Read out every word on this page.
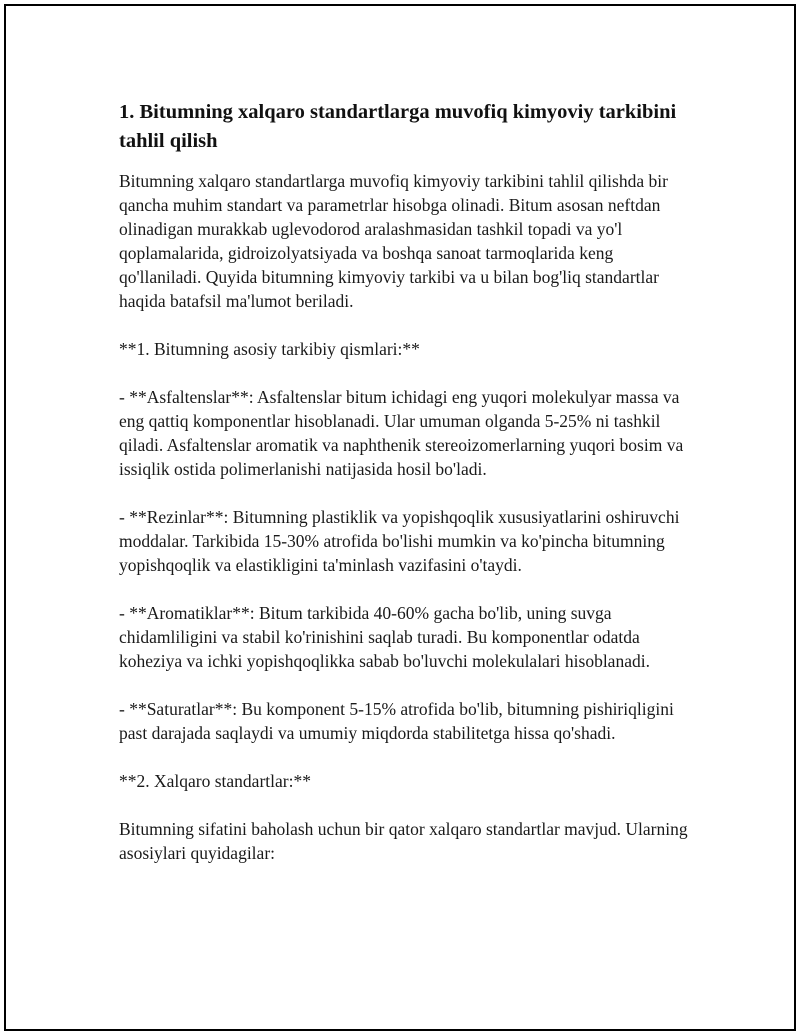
1. Bitumning xalqaro standartlarga muvofiq kimyoviy tarkibini tahlil qilish

Bitumning xalqaro standartlarga muvofiq kimyoviy tarkibini tahlil qilishda bir qancha muhim standart va parametrlar hisobga olinadi. Bitum asosan neftdan olinadigan murakkab uglevodorod aralashmasidan tashkil topadi va yo'l qoplamalarida, gidroizolyatsiyada va boshqa sanoat tarmoqlarida keng qo'llaniladi. Quyida bitumning kimyoviy tarkibi va u bilan bog'liq standartlar haqida batafsil ma'lumot beriladi.

**1. Bitumning asosiy tarkibiy qismlari:**

- **Asfaltenslar**: Asfaltenslar bitum ichidagi eng yuqori molekulyar massa va eng qattiq komponentlar hisoblanadi. Ular umuman olganda 5-25% ni tashkil qiladi. Asfaltenslar aromatik va naphthenik stereoizomerlarning yuqori bosim va issiqlik ostida polimerlanishi natijasida hosil bo'ladi.

- **Rezinlar**: Bitumning plastiklik va yopishqoqlik xususiyatlarini oshiruvchi moddalar. Tarkibida 15-30% atrofida bo'lishi mumkin va ko'pincha bitumning yopishqoqlik va elastikligini ta'minlash vazifasini o'taydi.

- **Aromatiklar**: Bitum tarkibida 40-60% gacha bo'lib, uning suvga chidamliligini va stabil ko'rinishini saqlab turadi. Bu komponentlar odatda koheziya va ichki yopishqoqlikka sabab bo'luvchi molekulalari hisoblanadi.

- **Saturatlar**: Bu komponent 5-15% atrofida bo'lib, bitumning pishiriqligini past darajada saqlaydi va umumiy miqdorda stabilitetga hissa qo'shadi.

**2. Xalqaro standartlar:**

Bitumning sifatini baholash uchun bir qator xalqaro standartlar mavjud. Ularning asosiylari quyidagilar:
